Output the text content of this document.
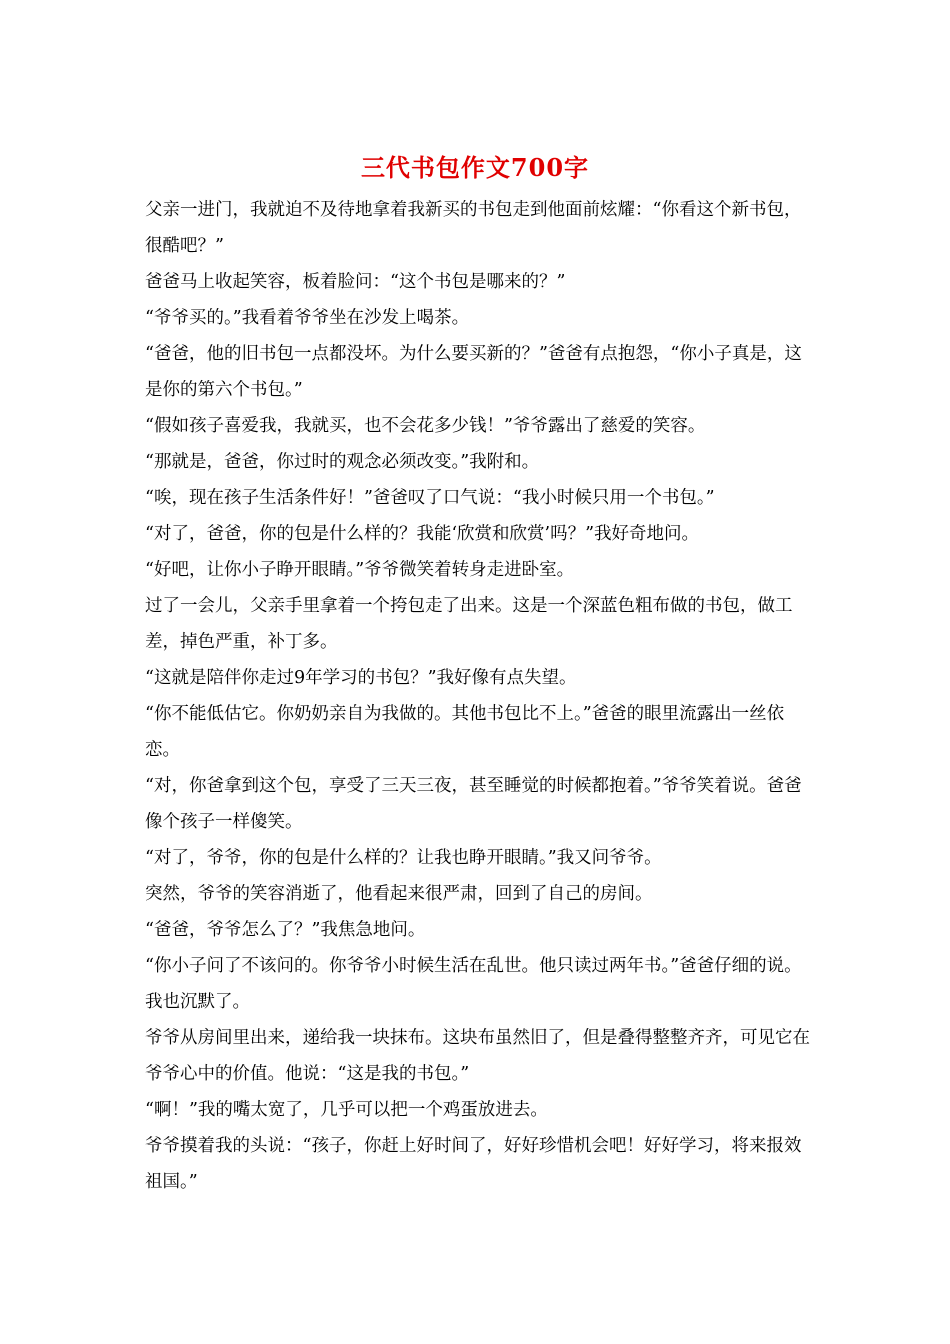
三代书包作文700字

父亲一进门，我就迫不及待地拿着我新买的书包走到他面前炫耀：“你看这个新书包，很酷吧？”

爸爸马上收起笑容，板着脸问：“这个书包是哪来的？”

“爷爷买的。”我看着爷爷坐在沙发上喝茶。

“爸爸，他的旧书包一点都没坏。为什么要买新的？”爸爸有点抱怨，“你小子真是，这是你的第六个书包。”

“假如孩子喜爱我，我就买，也不会花多少钱！”爷爷露出了慈爱的笑容。

“那就是，爸爸，你过时的观念必须改变。”我附和。

“唉，现在孩子生活条件好！”爸爸叹了口气说：“我小时候只用一个书包。”

“对了，爸爸，你的包是什么样的？我能‘欣赏和欣赏’吗？”我好奇地问。

“好吧，让你小子睁开眼睛。”爷爷微笑着转身走进卧室。

过了一会儿，父亲手里拿着一个挎包走了出来。这是一个深蓝色粗布做的书包，做工差，掉色严重，补丁多。

“这就是陪伴你走过9年学习的书包？”我好像有点失望。

“你不能低估它。你奶奶亲自为我做的。其他书包比不上。”爸爸的眼里流露出一丝依恋。

“对，你爸拿到这个包，享受了三天三夜，甚至睡觉的时候都抱着。”爷爷笑着说。爸爸像个孩子一样傻笑。

“对了，爷爷，你的包是什么样的？让我也睁开眼睛。”我又问爷爷。

突然，爷爷的笑容消逝了，他看起来很严肃，回到了自己的房间。

“爸爸，爷爷怎么了？”我焦急地问。

“你小子问了不该问的。你爷爷小时候生活在乱世。他只读过两年书。”爸爸仔细的说。我也沉默了。

爷爷从房间里出来，递给我一块抹布。这块布虽然旧了，但是叠得整整齐齐，可见它在爷爷心中的价值。他说：“这是我的书包。”

“啊！”我的嘴太宽了，几乎可以把一个鸡蛋放进去。

爷爷摸着我的头说：“孩子，你赶上好时间了，好好珍惜机会吧！好好学习，将来报效祖国。”
